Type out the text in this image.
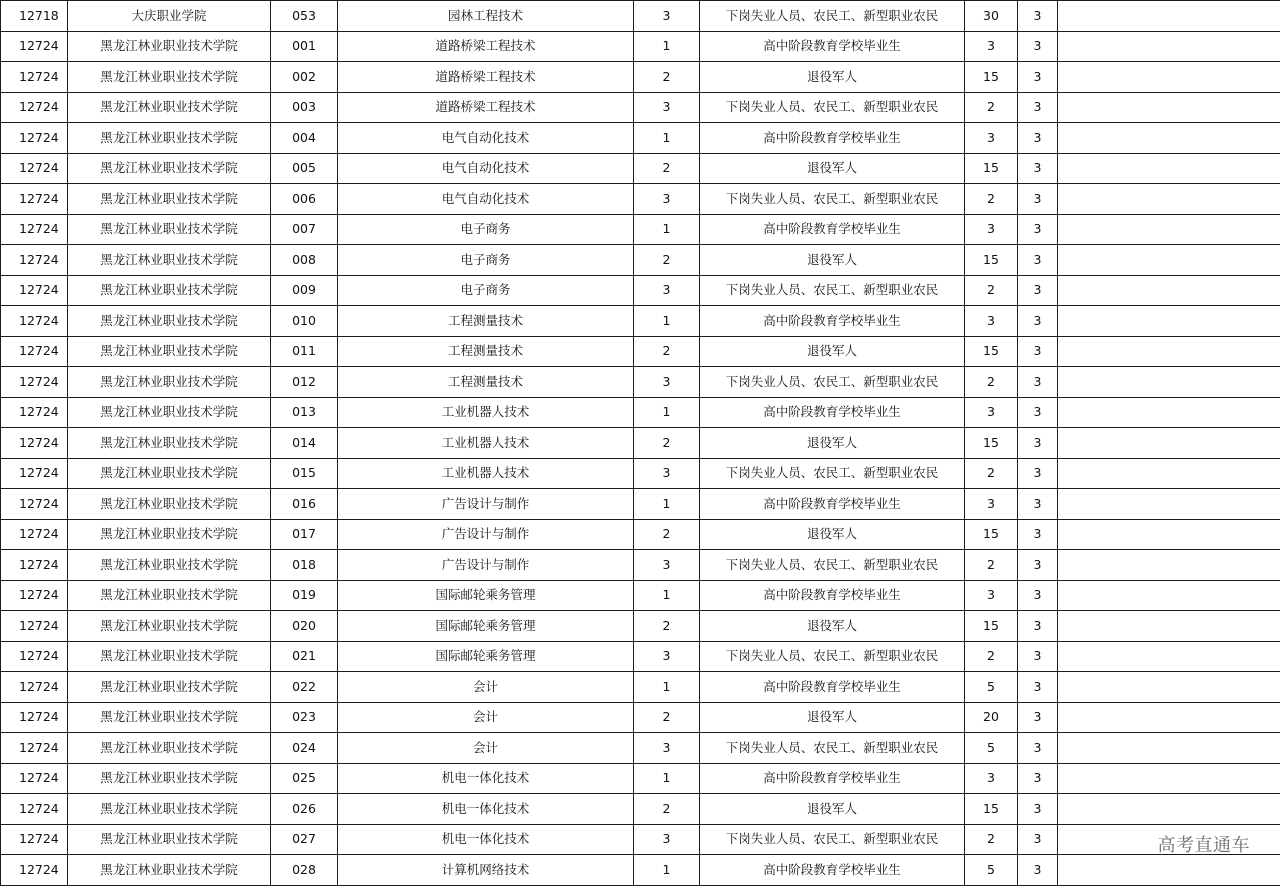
12718	大庆职业学院	053	园林工程技术	3	下岗失业人员、农民工、新型职业农民	30	3	
12724	黑龙江林业职业技术学院	001	道路桥梁工程技术	1	高中阶段教育学校毕业生	3	3	
12724	黑龙江林业职业技术学院	002	道路桥梁工程技术	2	退役军人	15	3	
12724	黑龙江林业职业技术学院	003	道路桥梁工程技术	3	下岗失业人员、农民工、新型职业农民	2	3	
12724	黑龙江林业职业技术学院	004	电气自动化技术	1	高中阶段教育学校毕业生	3	3	
12724	黑龙江林业职业技术学院	005	电气自动化技术	2	退役军人	15	3	
12724	黑龙江林业职业技术学院	006	电气自动化技术	3	下岗失业人员、农民工、新型职业农民	2	3	
12724	黑龙江林业职业技术学院	007	电子商务	1	高中阶段教育学校毕业生	3	3	
12724	黑龙江林业职业技术学院	008	电子商务	2	退役军人	15	3	
12724	黑龙江林业职业技术学院	009	电子商务	3	下岗失业人员、农民工、新型职业农民	2	3	
12724	黑龙江林业职业技术学院	010	工程测量技术	1	高中阶段教育学校毕业生	3	3	
12724	黑龙江林业职业技术学院	011	工程测量技术	2	退役军人	15	3	
12724	黑龙江林业职业技术学院	012	工程测量技术	3	下岗失业人员、农民工、新型职业农民	2	3	
12724	黑龙江林业职业技术学院	013	工业机器人技术	1	高中阶段教育学校毕业生	3	3	
12724	黑龙江林业职业技术学院	014	工业机器人技术	2	退役军人	15	3	
12724	黑龙江林业职业技术学院	015	工业机器人技术	3	下岗失业人员、农民工、新型职业农民	2	3	
12724	黑龙江林业职业技术学院	016	广告设计与制作	1	高中阶段教育学校毕业生	3	3	
12724	黑龙江林业职业技术学院	017	广告设计与制作	2	退役军人	15	3	
12724	黑龙江林业职业技术学院	018	广告设计与制作	3	下岗失业人员、农民工、新型职业农民	2	3	
12724	黑龙江林业职业技术学院	019	国际邮轮乘务管理	1	高中阶段教育学校毕业生	3	3	
12724	黑龙江林业职业技术学院	020	国际邮轮乘务管理	2	退役军人	15	3	
12724	黑龙江林业职业技术学院	021	国际邮轮乘务管理	3	下岗失业人员、农民工、新型职业农民	2	3	
12724	黑龙江林业职业技术学院	022	会计	1	高中阶段教育学校毕业生	5	3	
12724	黑龙江林业职业技术学院	023	会计	2	退役军人	20	3	
12724	黑龙江林业职业技术学院	024	会计	3	下岗失业人员、农民工、新型职业农民	5	3	
12724	黑龙江林业职业技术学院	025	机电一体化技术	1	高中阶段教育学校毕业生	3	3	
12724	黑龙江林业职业技术学院	026	机电一体化技术	2	退役军人	15	3	
12724	黑龙江林业职业技术学院	027	机电一体化技术	3	下岗失业人员、农民工、新型职业农民	2	3	
12724	黑龙江林业职业技术学院	028	计算机网络技术	1	高中阶段教育学校毕业生	5	3	
高考直通车
